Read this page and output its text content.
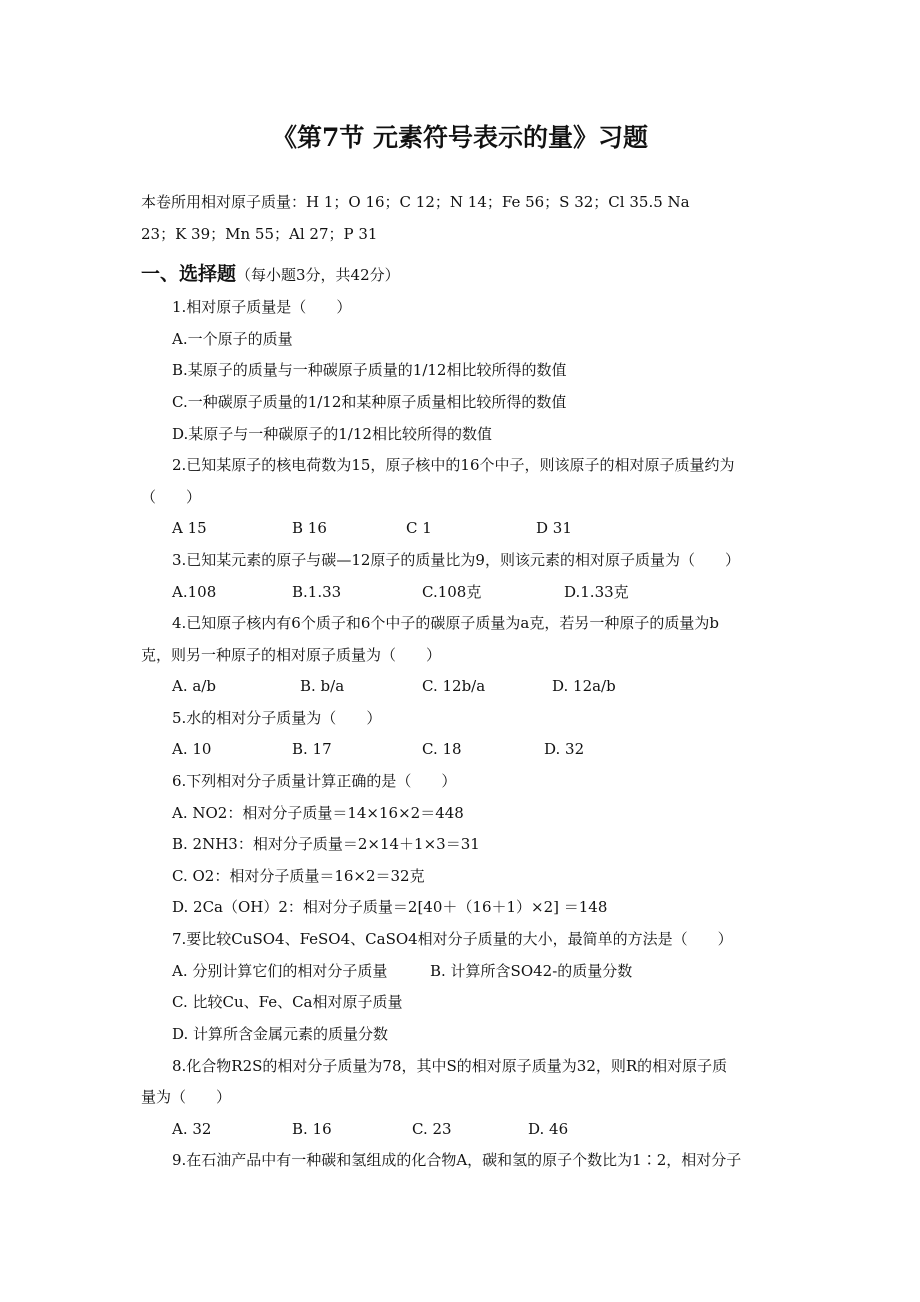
《第7节 元素符号表示的量》习题
本卷所用相对原子质量：H 1；O 16；C 12；N 14；Fe 56；S 32；Cl 35.5 Na
23；K 39；Mn 55；Al 27；P 31
一、选择题（每小题3分，共42分）
1.相对原子质量是（　　）
A.一个原子的质量
B.某原子的质量与一种碳原子质量的1/12相比较所得的数值
C.一种碳原子质量的1/12和某种原子质量相比较所得的数值
D.某原子与一种碳原子的1/12相比较所得的数值
2.已知某原子的核电荷数为15，原子核中的16个中子，则该原子的相对原子质量约为
（　　）
A 15	B 16	C 1	D 31
3.已知某元素的原子与碳—12原子的质量比为9，则该元素的相对原子质量为（　　）
A.108	B.1.33	C.108克	D.1.33克
4.已知原子核内有6个质子和6个中子的碳原子质量为a克，若另一种原子的质量为b
克，则另一种原子的相对原子质量为（　　）
A. a/b	B. b/a	C. 12b/a	D. 12a/b
5.水的相对分子质量为（　　）
A. 10	B. 17	C. 18	D. 32
6.下列相对分子质量计算正确的是（　　）
A. NO2：相对分子质量＝14×16×2＝448
B. 2NH3：相对分子质量＝2×14＋1×3＝31
C. O2：相对分子质量＝16×2＝32克
D. 2Ca（OH）2：相对分子质量＝2[40＋（16＋1）×2] ＝148
7.要比较CuSO4、FeSO4、CaSO4相对分子质量的大小，最简单的方法是（　　）
A. 分别计算它们的相对分子质量	B. 计算所含SO42-的质量分数
C. 比较Cu、Fe、Ca相对原子质量
D. 计算所含金属元素的质量分数
8.化合物R2S的相对分子质量为78，其中S的相对原子质量为32，则R的相对原子质
量为（　　）
A. 32	B. 16	C. 23	D. 46
9.在石油产品中有一种碳和氢组成的化合物A，碳和氢的原子个数比为1∶2，相对分子
